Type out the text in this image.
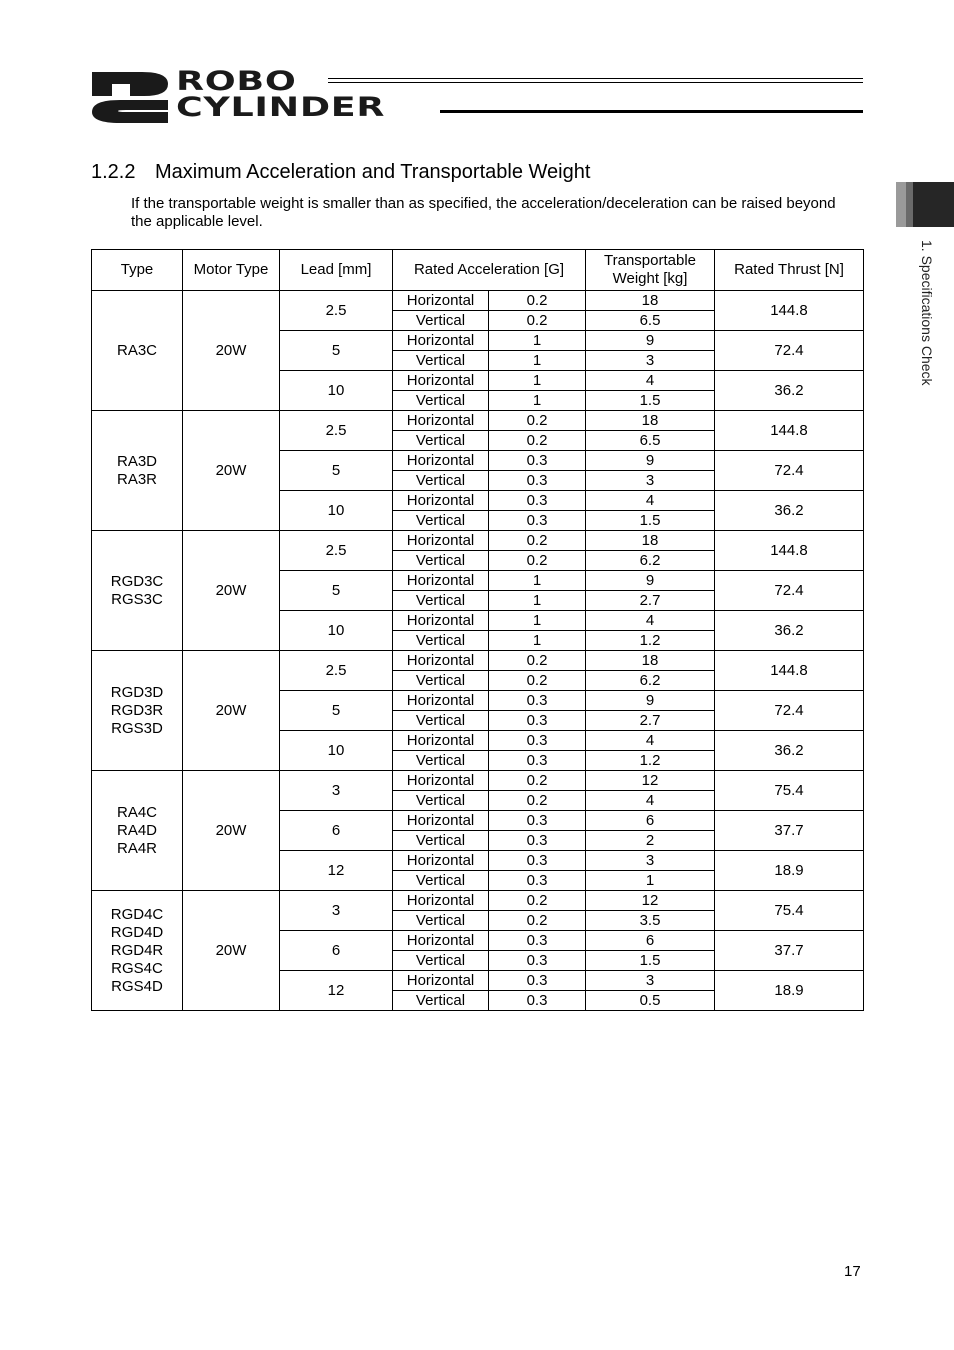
ROBO
CYLINDER
1. Specifications Check
1.2.2 Maximum Acceleration and Transportable Weight
If the transportable weight is smaller than as specified, the acceleration/deceleration can be raised beyond the applicable level.
Type	Motor Type	Lead [mm]	Rated Acceleration [G]		Transportable
Weight [kg]	Rated Thrust [N]
RA3C	20W	2.5	Horizontal	0.2	18	144.8
			Vertical	0.2	6.5	
		5	Horizontal	1	9	72.4
			Vertical	1	3	
		10	Horizontal	1	4	36.2
			Vertical	1	1.5	
RA3D
RA3R	20W	2.5	Horizontal	0.2	18	144.8
			Vertical	0.2	6.5	
		5	Horizontal	0.3	9	72.4
			Vertical	0.3	3	
		10	Horizontal	0.3	4	36.2
			Vertical	0.3	1.5	
RGD3C
RGS3C	20W	2.5	Horizontal	0.2	18	144.8
			Vertical	0.2	6.2	
		5	Horizontal	1	9	72.4
			Vertical	1	2.7	
		10	Horizontal	1	4	36.2
			Vertical	1	1.2	
RGD3D
RGD3R
RGS3D	20W	2.5	Horizontal	0.2	18	144.8
			Vertical	0.2	6.2	
		5	Horizontal	0.3	9	72.4
			Vertical	0.3	2.7	
		10	Horizontal	0.3	4	36.2
			Vertical	0.3	1.2	
RA4C
RA4D
RA4R	20W	3	Horizontal	0.2	12	75.4
			Vertical	0.2	4	
		6	Horizontal	0.3	6	37.7
			Vertical	0.3	2	
		12	Horizontal	0.3	3	18.9
			Vertical	0.3	1	
RGD4C
RGD4D
RGD4R
RGS4C
RGS4D	20W	3	Horizontal	0.2	12	75.4
			Vertical	0.2	3.5	
		6	Horizontal	0.3	6	37.7
			Vertical	0.3	1.5	
		12	Horizontal	0.3	3	18.9
			Vertical	0.3	0.5	
17
